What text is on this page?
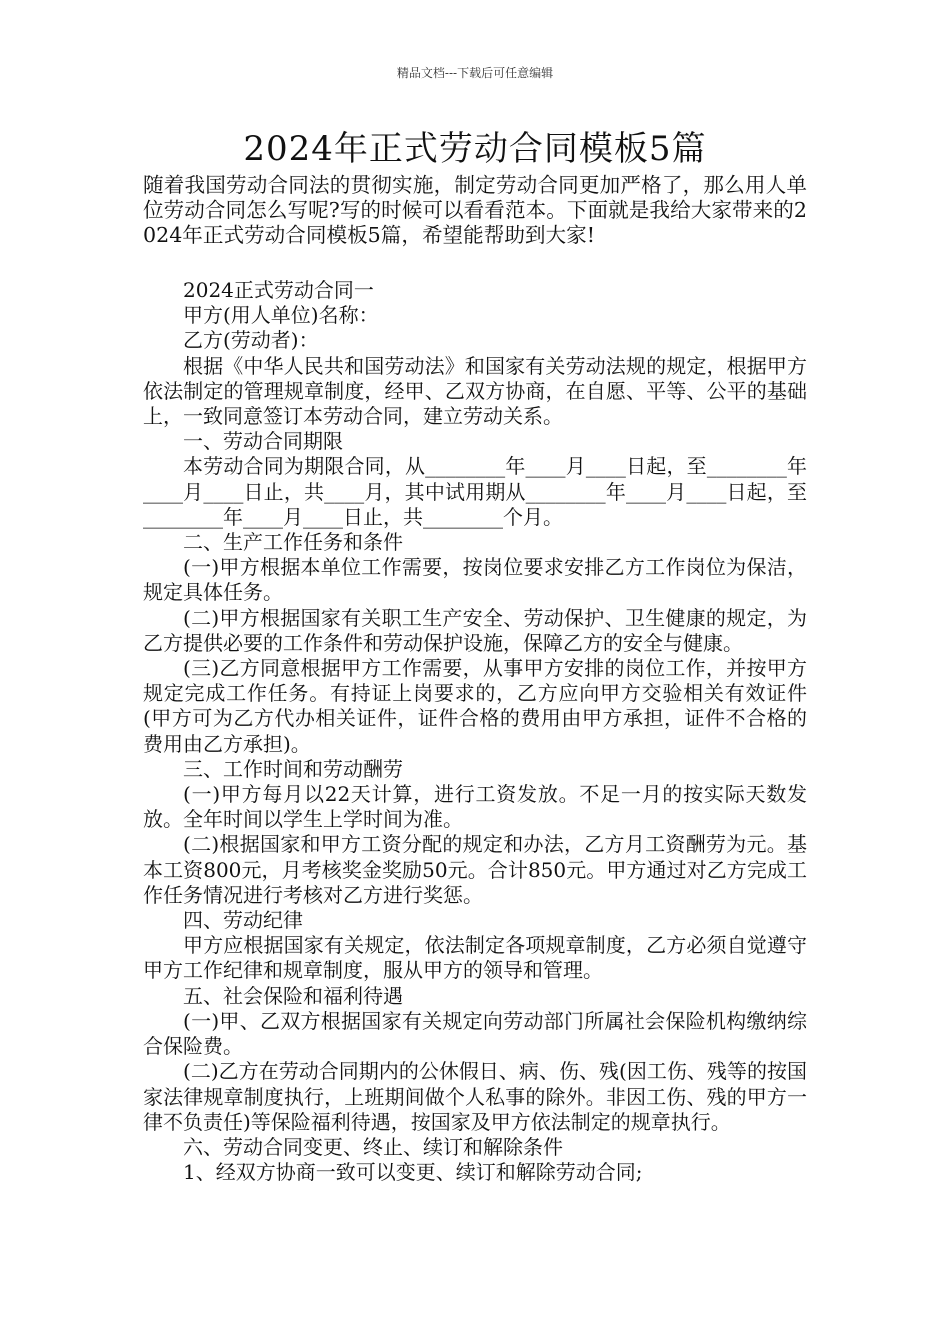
精品文档---下载后可任意编辑
2024年正式劳动合同模板5篇

随着我国劳动合同法的贯彻实施，制定劳动合同更加严格了，那么用人单位劳动合同怎么写呢?写的时候可以看看范本。下面就是我给大家带来的2024年正式劳动合同模板5篇，希望能帮助到大家!

2024正式劳动合同一

甲方(用人单位)名称：

乙方(劳动者)：

根据《中华人民共和国劳动法》和国家有关劳动法规的规定，根据甲方依法制定的管理规章制度，经甲、乙双方协商，在自愿、平等、公平的基础上，一致同意签订本劳动合同，建立劳动关系。

一、劳动合同期限

本劳动合同为期限合同，从________年____月____日起，至________年____月____日止，共____月，其中试用期从________年____月____日起，至________年____月____日止，共________个月。

二、生产工作任务和条件

(一)甲方根据本单位工作需要，按岗位要求安排乙方工作岗位为保洁，规定具体任务。

(二)甲方根据国家有关职工生产安全、劳动保护、卫生健康的规定，为乙方提供必要的工作条件和劳动保护设施，保障乙方的安全与健康。

(三)乙方同意根据甲方工作需要，从事甲方安排的岗位工作，并按甲方规定完成工作任务。有持证上岗要求的，乙方应向甲方交验相关有效证件(甲方可为乙方代办相关证件，证件合格的费用由甲方承担，证件不合格的费用由乙方承担)。

三、工作时间和劳动酬劳

(一)甲方每月以22天计算，进行工资发放。不足一月的按实际天数发放。全年时间以学生上学时间为准。

(二)根据国家和甲方工资分配的规定和办法，乙方月工资酬劳为元。基本工资800元，月考核奖金奖励50元。合计850元。甲方通过对乙方完成工作任务情况进行考核对乙方进行奖惩。

四、劳动纪律

甲方应根据国家有关规定，依法制定各项规章制度，乙方必须自觉遵守甲方工作纪律和规章制度，服从甲方的领导和管理。

五、社会保险和福利待遇

(一)甲、乙双方根据国家有关规定向劳动部门所属社会保险机构缴纳综合保险费。

(二)乙方在劳动合同期内的公休假日、病、伤、残(因工伤、残等的按国家法律规章制度执行，上班期间做个人私事的除外。非因工伤、残的甲方一律不负责任)等保险福利待遇，按国家及甲方依法制定的规章执行。

六、劳动合同变更、终止、续订和解除条件

1、经双方协商一致可以变更、续订和解除劳动合同;
